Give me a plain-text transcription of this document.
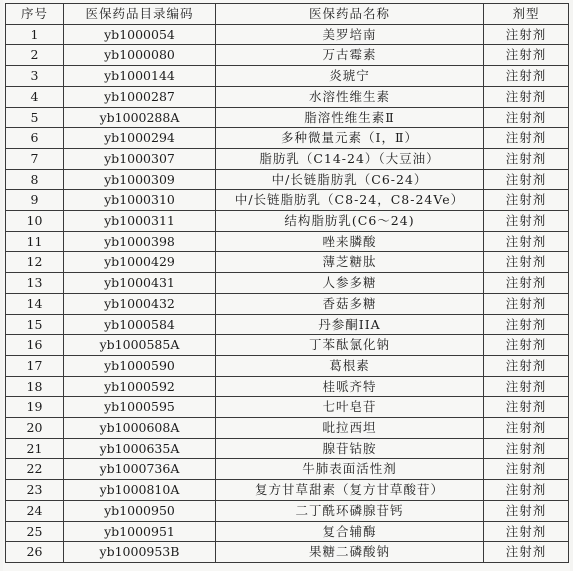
序号	医保药品目录编码	医保药品名称	剂型
1	yb1000054	美罗培南	注射剂
2	yb1000080	万古霉素	注射剂
3	yb1000144	炎琥宁	注射剂
4	yb1000287	水溶性维生素	注射剂
5	yb1000288A	脂溶性维生素Ⅱ	注射剂
6	yb1000294	多种微量元素（Ⅰ，Ⅱ）	注射剂
7	yb1000307	脂肪乳（C14-24）（大豆油）	注射剂
8	yb1000309	中/长链脂肪乳（C6-24）	注射剂
9	yb1000310	中/长链脂肪乳（C8-24，C8-24Ve）	注射剂
10	yb1000311	结构脂肪乳(C6～24)	注射剂
11	yb1000398	唑来膦酸	注射剂
12	yb1000429	薄芝糖肽	注射剂
13	yb1000431	人参多糖	注射剂
14	yb1000432	香菇多糖	注射剂
15	yb1000584	丹参酮IIA	注射剂
16	yb1000585A	丁苯酞氯化钠	注射剂
17	yb1000590	葛根素	注射剂
18	yb1000592	桂哌齐特	注射剂
19	yb1000595	七叶皂苷	注射剂
20	yb1000608A	吡拉西坦	注射剂
21	yb1000635A	腺苷钴胺	注射剂
22	yb1000736A	牛肺表面活性剂	注射剂
23	yb1000810A	复方甘草甜素（复方甘草酸苷）	注射剂
24	yb1000950	二丁酰环磷腺苷钙	注射剂
25	yb1000951	复合辅酶	注射剂
26	yb1000953B	果糖二磷酸钠	注射剂
